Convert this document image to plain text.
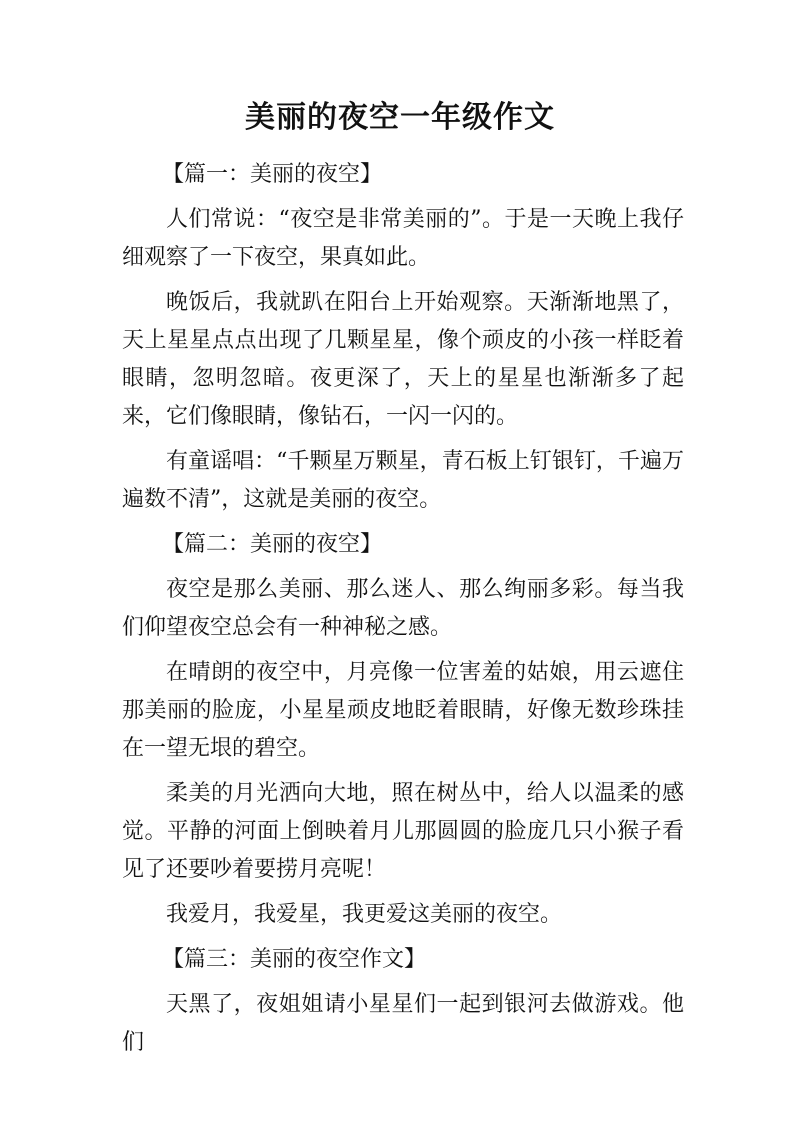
美丽的夜空一年级作文
【篇一：美丽的夜空】
人们常说：“夜空是非常美丽的”。于是一天晚上我仔细观察了一下夜空，果真如此。
晚饭后，我就趴在阳台上开始观察。天渐渐地黑了，天上星星点点出现了几颗星星，像个顽皮的小孩一样眨着眼睛，忽明忽暗。夜更深了，天上的星星也渐渐多了起来，它们像眼睛，像钻石，一闪一闪的。
有童谣唱：“千颗星万颗星，青石板上钉银钉，千遍万遍数不清”，这就是美丽的夜空。
【篇二：美丽的夜空】
夜空是那么美丽、那么迷人、那么绚丽多彩。每当我们仰望夜空总会有一种神秘之感。
在晴朗的夜空中，月亮像一位害羞的姑娘，用云遮住那美丽的脸庞，小星星顽皮地眨着眼睛，好像无数珍珠挂在一望无垠的碧空。
柔美的月光洒向大地，照在树丛中，给人以温柔的感觉。平静的河面上倒映着月儿那圆圆的脸庞几只小猴子看见了还要吵着要捞月亮呢！
我爱月，我爱星，我更爱这美丽的夜空。
【篇三：美丽的夜空作文】
天黑了，夜姐姐请小星星们一起到银河去做游戏。他们
